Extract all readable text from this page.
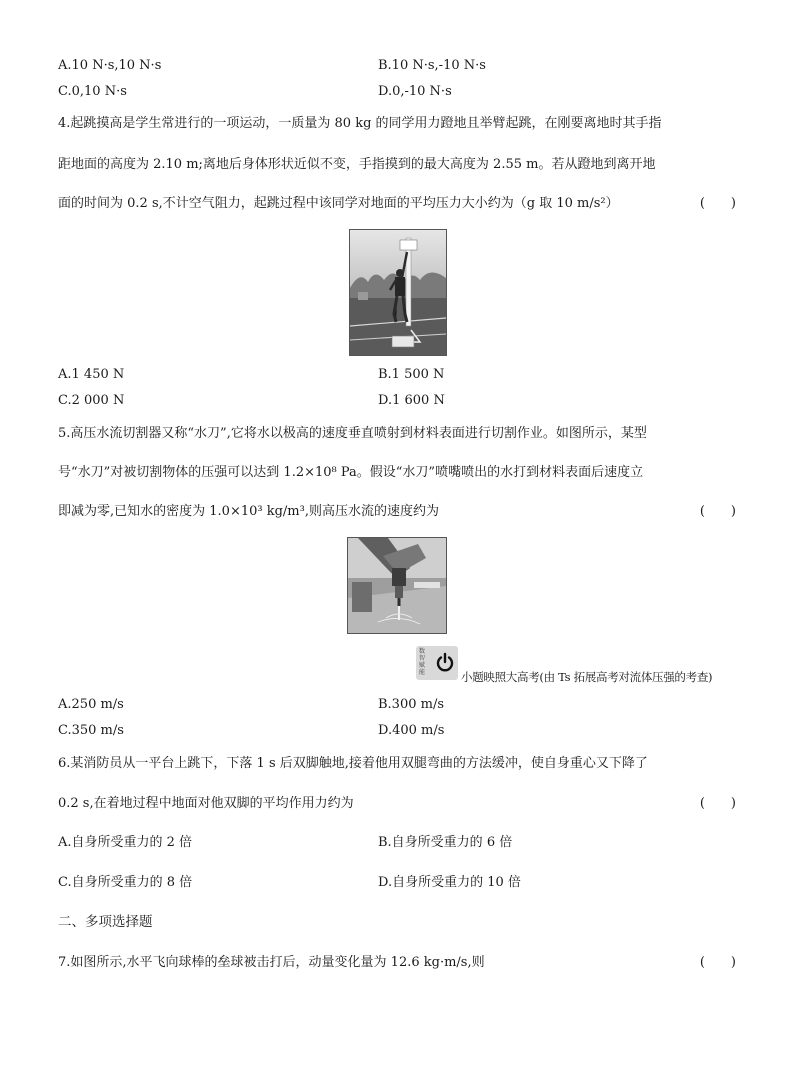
A.10 N·s,10 N·s	B.10 N·s,-10 N·s
C.0,10 N·s	D.0,-10 N·s
4.起跳摸高是学生常进行的一项运动，一质量为 80 kg 的同学用力蹬地且举臂起跳，在刚要离地时其手指
距地面的高度为 2.10 m;离地后身体形状近似不变，手指摸到的最大高度为 2.55 m。若从蹬地到离开地
面的时间为 0.2 s,不计空气阻力，起跳过程中该同学对地面的平均压力大小约为（g 取 10 m/s²）	(　　)
A.1 450 N	B.1 500 N
C.2 000 N	D.1 600 N
5.高压水流切割器又称“水刀”,它将水以极高的速度垂直喷射到材料表面进行切割作业。如图所示，某型
号“水刀”对被切割物体的压强可以达到 1.2×10⁸ Pa。假设“水刀”喷嘴喷出的水打到材料表面后速度立
即减为零,已知水的密度为 1.0×10³ kg/m³,则高压水流的速度约为	(　　)
数智赋能	小题映照大高考(由 Ts 拓展高考对流体压强的考查)
A.250 m/s	B.300 m/s
C.350 m/s	D.400 m/s
6.某消防员从一平台上跳下，下落 1 s 后双脚触地,接着他用双腿弯曲的方法缓冲，使自身重心又下降了
0.2 s,在着地过程中地面对他双脚的平均作用力约为	(　　)
A.自身所受重力的 2 倍	B.自身所受重力的 6 倍
C.自身所受重力的 8 倍	D.自身所受重力的 10 倍
二、多项选择题
7.如图所示,水平飞向球棒的垒球被击打后，动量变化量为 12.6 kg·m/s,则	(　　)
